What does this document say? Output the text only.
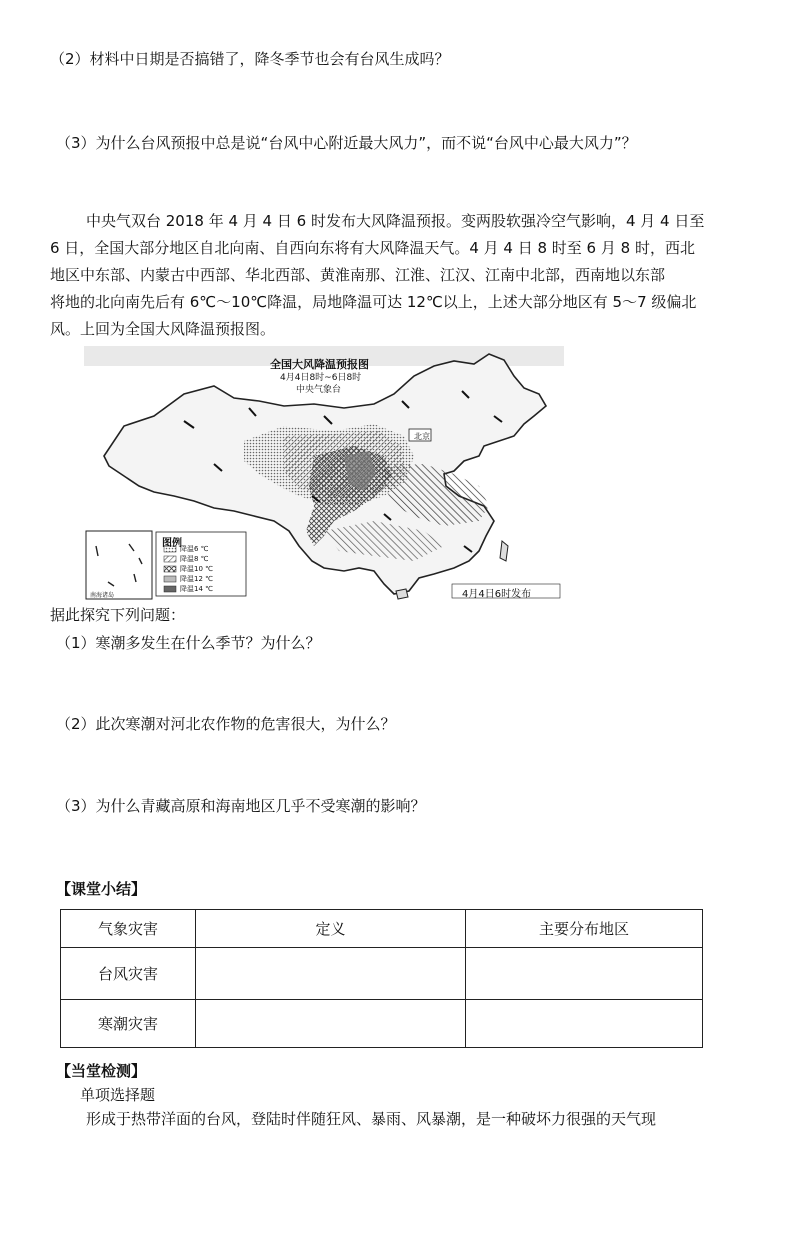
（2）材料中日期是否搞错了，降冬季节也会有台风生成吗？
（3）为什么台风预报中总是说“台风中心附近最大风力”，而不说“台风中心最大风力”？

中央气双台 2018 年 4 月 4 日 6 时发布大风降温预报。变两股软强冷空气影响，4 月 4 日至

6 日，全国大部分地区自北向南、自西向东将有大风降温天气。4 月 4 日 8 时至 6 月 8 时，西北

地区中东部、内蒙古中西部、华北西部、黄淮南那、江淮、江汉、江南中北部，西南地以东部

将地的北向南先后有 6℃～10℃降温，局地降温可达 12℃以上，上述大部分地区有 5～7 级偏北

风。上回为全国大风降温预报图。

全国大风降温预报图
4月4日8时~6日8时
中央气象台
北京
图例
降温6 ℃
降温8 ℃
降温10 ℃
降温12 ℃
降温14 ℃
南海诸岛	4月4日6时发布
据此探究下列问题：
（1）寒潮多发生在什么季节？为什么？
（2）此次寒潮对河北农作物的危害很大，为什么？
（3）为什么青藏高原和海南地区几乎不受寒潮的影响？
【课堂小结】
气象灾害	定义	主要分布地区
台风灾害		
寒潮灾害		
【当堂检测】
单项选择题
形成于热带洋面的台风，登陆时伴随狂风、暴雨、风暴潮，是一种破坏力很强的天气现
